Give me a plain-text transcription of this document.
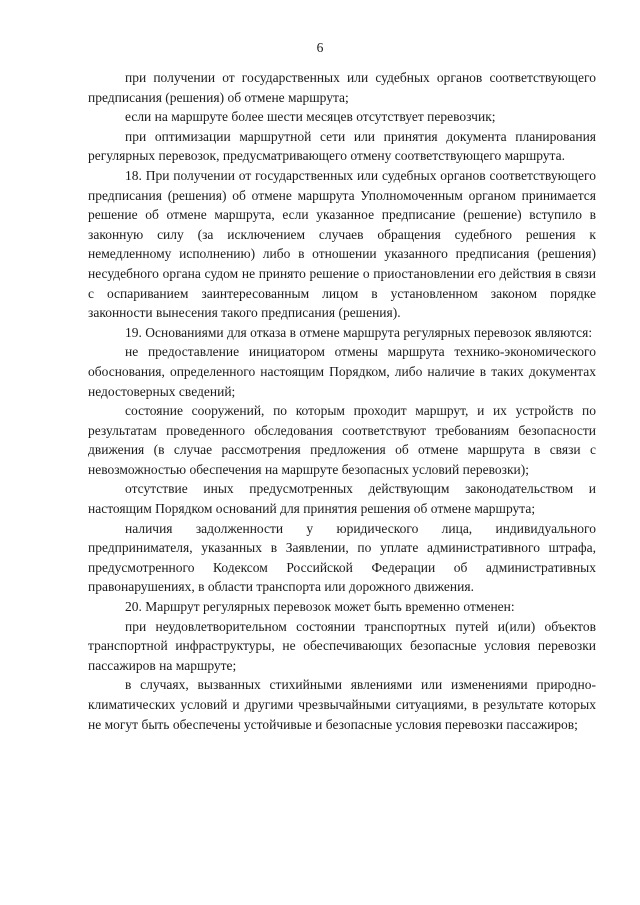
6

при получении от государственных или судебных органов соответствующего предписания (решения) об отмене маршрута;

если на маршруте более шести месяцев отсутствует перевозчик;

при оптимизации маршрутной сети или принятия документа планирования регулярных перевозок, предусматривающего отмену соответствующего маршрута.

18. При получении от государственных или судебных органов соответствующего предписания (решения) об отмене маршрута Уполномоченным органом принимается решение об отмене маршрута, если указанное предписание (решение) вступило в законную силу (за исключением случаев обращения судебного решения к немедленному исполнению) либо в отношении указанного предписания (решения) несудебного органа судом не принято решение о приостановлении его действия в связи с оспариванием заинтересованным лицом в установленном законом порядке законности вынесения такого предписания (решения).

19. Основаниями для отказа в отмене маршрута регулярных перевозок являются:

не предоставление инициатором отмены маршрута технико-экономического обоснования, определенного настоящим Порядком, либо наличие в таких документах недостоверных сведений;

состояние сооружений, по которым проходит маршрут, и их устройств по результатам проведенного обследования соответствуют требованиям безопасности движения (в случае рассмотрения предложения об отмене маршрута в связи с невозможностью обеспечения на маршруте безопасных условий перевозки);

отсутствие иных предусмотренных действующим законодательством и настоящим Порядком оснований для принятия решения об отмене маршрута;

наличия задолженности у юридического лица, индивидуального предпринимателя, указанных в Заявлении, по уплате административного штрафа, предусмотренного Кодексом Российской Федерации об административных правонарушениях, в области транспорта или дорожного движения.

20. Маршрут регулярных перевозок может быть временно отменен:

при неудовлетворительном состоянии транспортных путей и(или) объектов транспортной инфраструктуры, не обеспечивающих безопасные условия перевозки пассажиров на маршруте;

в случаях, вызванных стихийными явлениями или изменениями природно-климатических условий и другими чрезвычайными ситуациями, в результате которых не могут быть обеспечены устойчивые и безопасные условия перевозки пассажиров;
